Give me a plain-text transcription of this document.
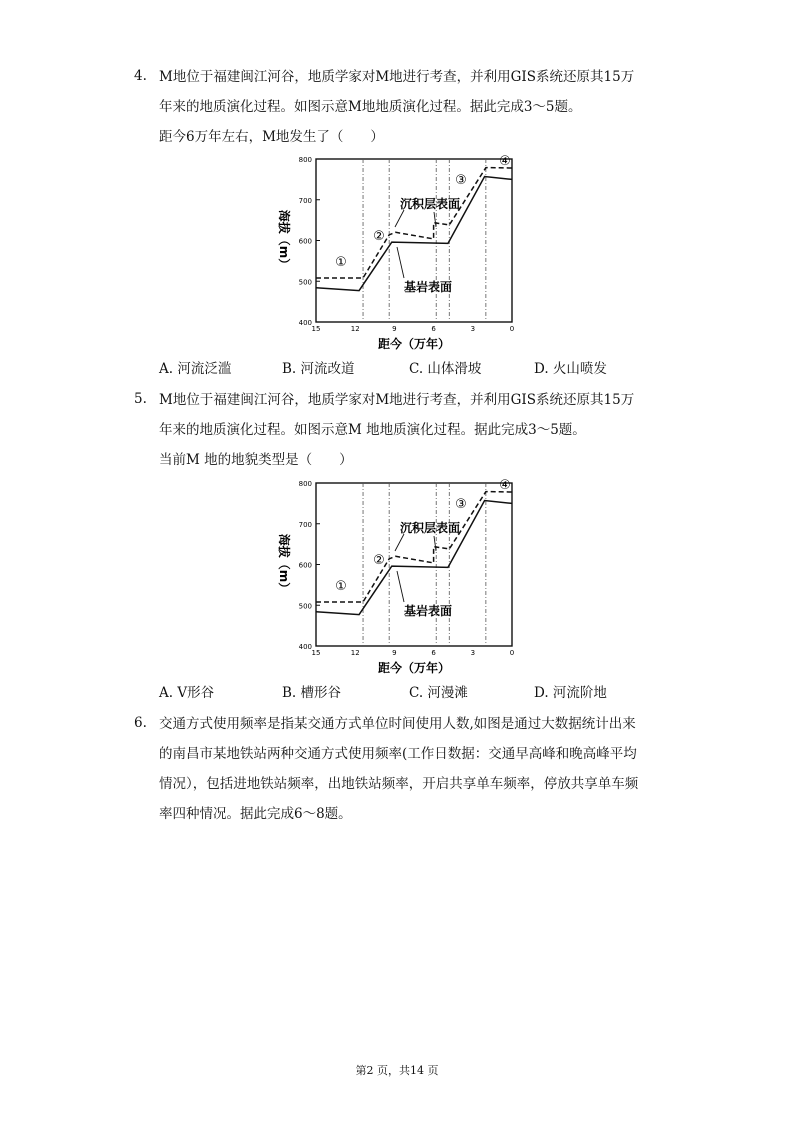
4. M地位于福建闽江河谷，地质学家对M地进行考查，并利用GIS系统还原其15万
年来的地质演化过程。如图示意M地地质演化过程。据此完成3～5题。
距今6万年左右，M地发生了（　　）
400
500
600
700
800
15	12	9	6	3	0
基岩表面
沉积层表面
①
②
③
④
海拔（m）
距今（万年）
A. 河流泛滥	B. 河流改道	C. 山体滑坡	D. 火山喷发
5. M地位于福建闽江河谷，地质学家对M地进行考查，并利用GIS系统还原其15万
年来的地质演化过程。如图示意M 地地质演化过程。据此完成3～5题。
当前M 地的地貌类型是（　　）
400
500
600
700
800
15	12	9	6	3	0
基岩表面
沉积层表面
①
②
③
④
海拔（m）
距今（万年）
A. V形谷	B. 槽形谷	C. 河漫滩	D. 河流阶地
6. 交通方式使用频率是指某交通方式单位时间使用人数,如图是通过大数据统计出来
的南昌市某地铁站两种交通方式使用频率(工作日数据：交通早高峰和晚高峰平均
情况），包括进地铁站频率，出地铁站频率，开启共享单车频率，停放共享单车频
率四种情况。据此完成6～8题。
第2 页，共14 页
